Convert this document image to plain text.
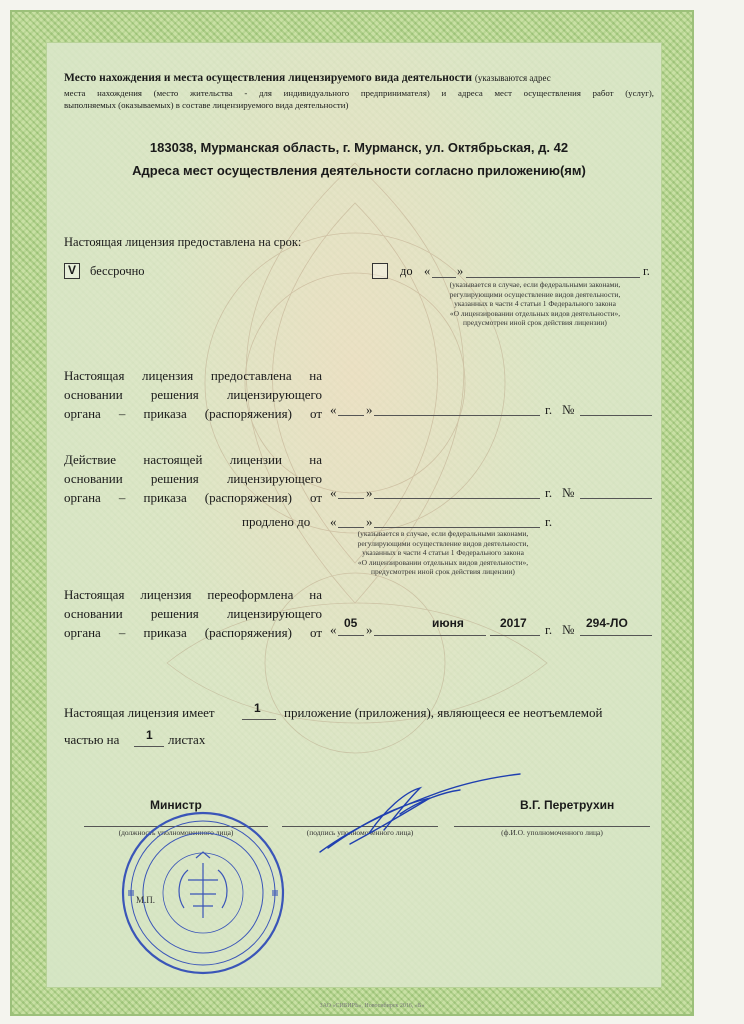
Место нахождения и места осуществления лицензируемого вида деятельности (указываются адрес
места нахождения (место жительства - для индивидуального предпринимателя) и адреса мест осуществления работ (услуг),
выполняемых (оказываемых) в составе лицензируемого вида деятельности)
183038, Мурманская область, г. Мурманск, ул. Октябрьская, д. 42
Адреса мест осуществления деятельности согласно приложению(ям)
Настоящая лицензия предоставлена на срок:
V бессрочно	до « »	г.
(указывается в случае, если федеральными законами,
регулирующими осуществление видов деятельности,
указанных в части 4 статьи 1 Федерального закона
«О лицензировании отдельных видов деятельности»,
предусмотрен иной срок действия лицензии)
Настоящая лицензия предоставлена на
основании решения лицензирующего
органа – приказа (распоряжения) от « »	г. №
Действие настоящей лицензии на
основании решения лицензирующего
органа – приказа (распоряжения) от « »	г. №
продлено до « »	г.
(указывается в случае, если федеральными законами,
регулирующими осуществление видов деятельности,
указанных в части 4 статьи 1 Федерального закона
«О лицензировании отдельных видов деятельности»,
предусмотрен иной срок действия лицензии)
Настоящая лицензия переоформлена на
основании решения лицензирующего
органа – приказа (распоряжения) от « 05 »	июня	2017 г. № 294-ЛО
Настоящая лицензия имеет	1 приложение (приложения), являющееся ее неотъемлемой
частью на 1 листах
Министр	В.Г. Перетрухин
(должность уполномоченного лица)	(подпись уполномоченного лица)	(ф.И.О. уполномоченного лица)
М.П.
ЗАО «СИБИРЬ», Новосибирск 2016, «Б»
